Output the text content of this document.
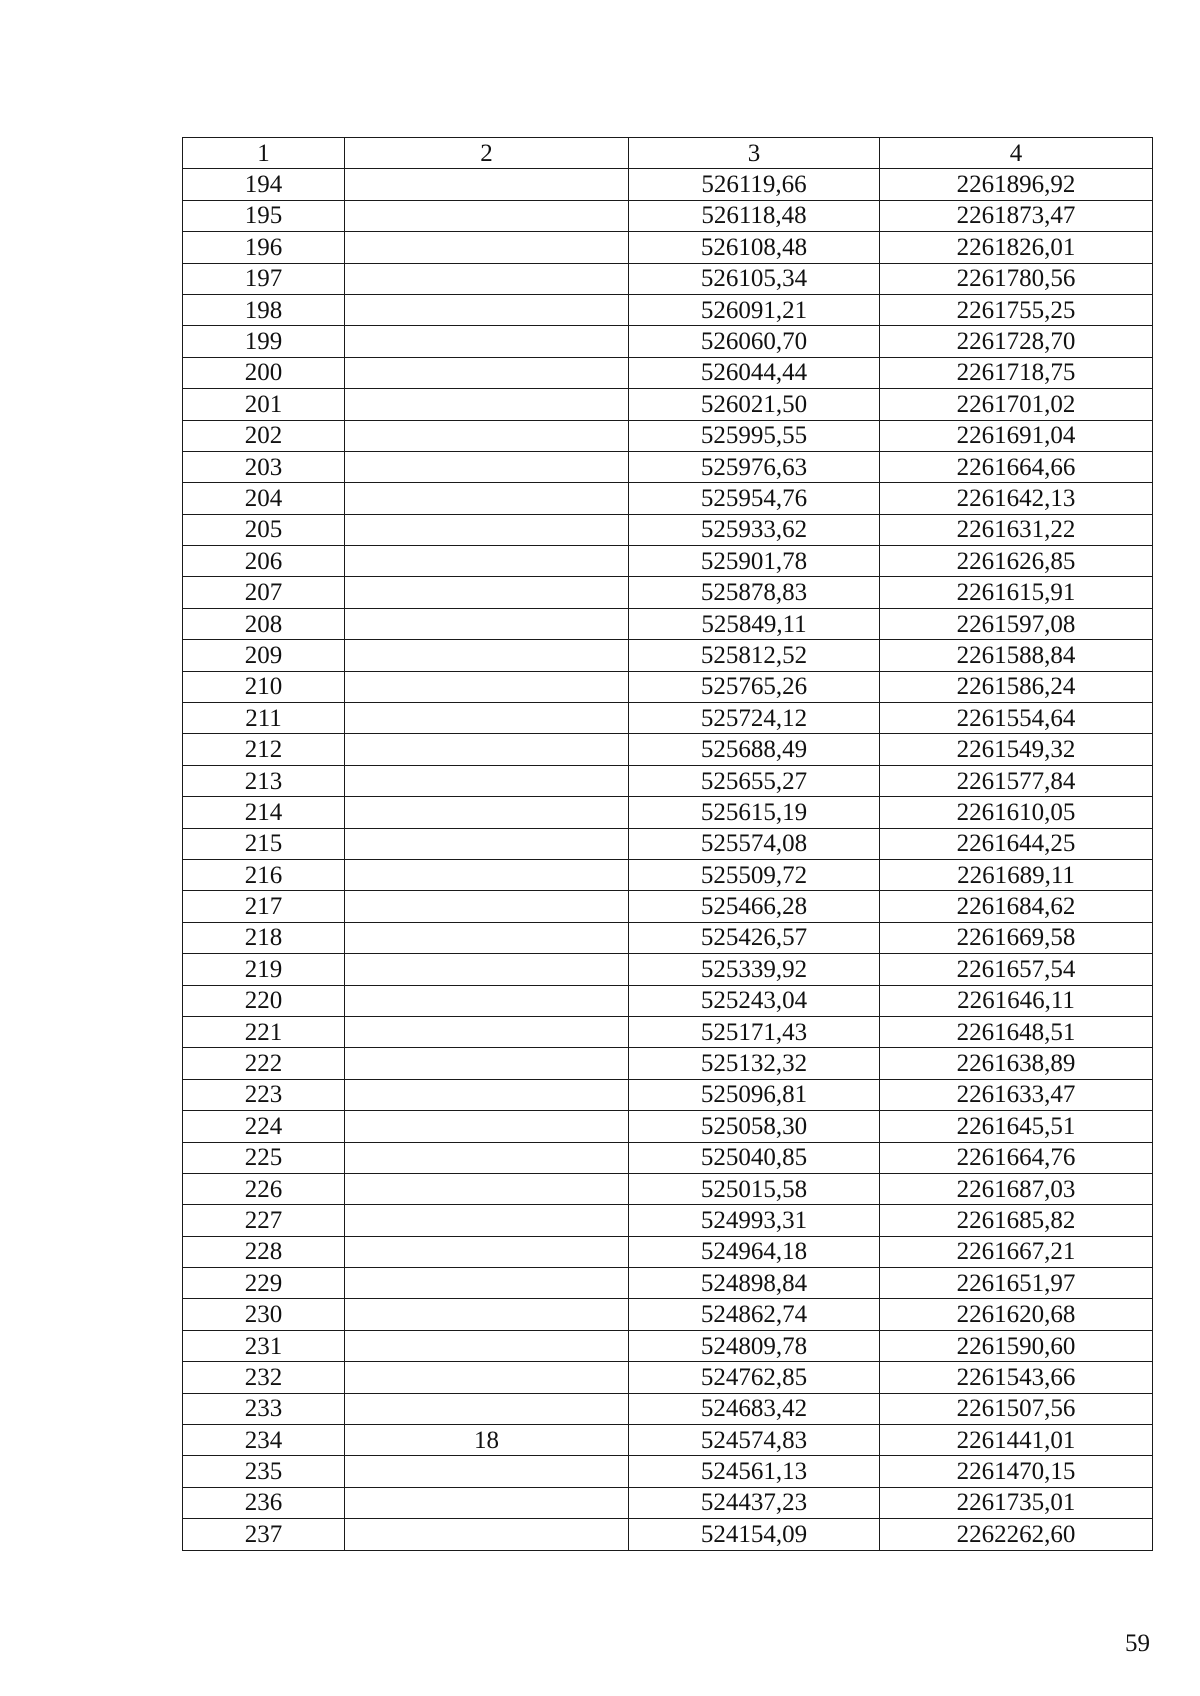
1	2	3	4
194		526119,66	2261896,92
195		526118,48	2261873,47
196		526108,48	2261826,01
197		526105,34	2261780,56
198		526091,21	2261755,25
199		526060,70	2261728,70
200		526044,44	2261718,75
201		526021,50	2261701,02
202		525995,55	2261691,04
203		525976,63	2261664,66
204		525954,76	2261642,13
205		525933,62	2261631,22
206		525901,78	2261626,85
207		525878,83	2261615,91
208		525849,11	2261597,08
209		525812,52	2261588,84
210		525765,26	2261586,24
211		525724,12	2261554,64
212		525688,49	2261549,32
213		525655,27	2261577,84
214		525615,19	2261610,05
215		525574,08	2261644,25
216		525509,72	2261689,11
217		525466,28	2261684,62
218		525426,57	2261669,58
219		525339,92	2261657,54
220		525243,04	2261646,11
221		525171,43	2261648,51
222		525132,32	2261638,89
223		525096,81	2261633,47
224		525058,30	2261645,51
225		525040,85	2261664,76
226		525015,58	2261687,03
227		524993,31	2261685,82
228		524964,18	2261667,21
229		524898,84	2261651,97
230		524862,74	2261620,68
231		524809,78	2261590,60
232		524762,85	2261543,66
233		524683,42	2261507,56
234	18	524574,83	2261441,01
235		524561,13	2261470,15
236		524437,23	2261735,01
237		524154,09	2262262,60
59
